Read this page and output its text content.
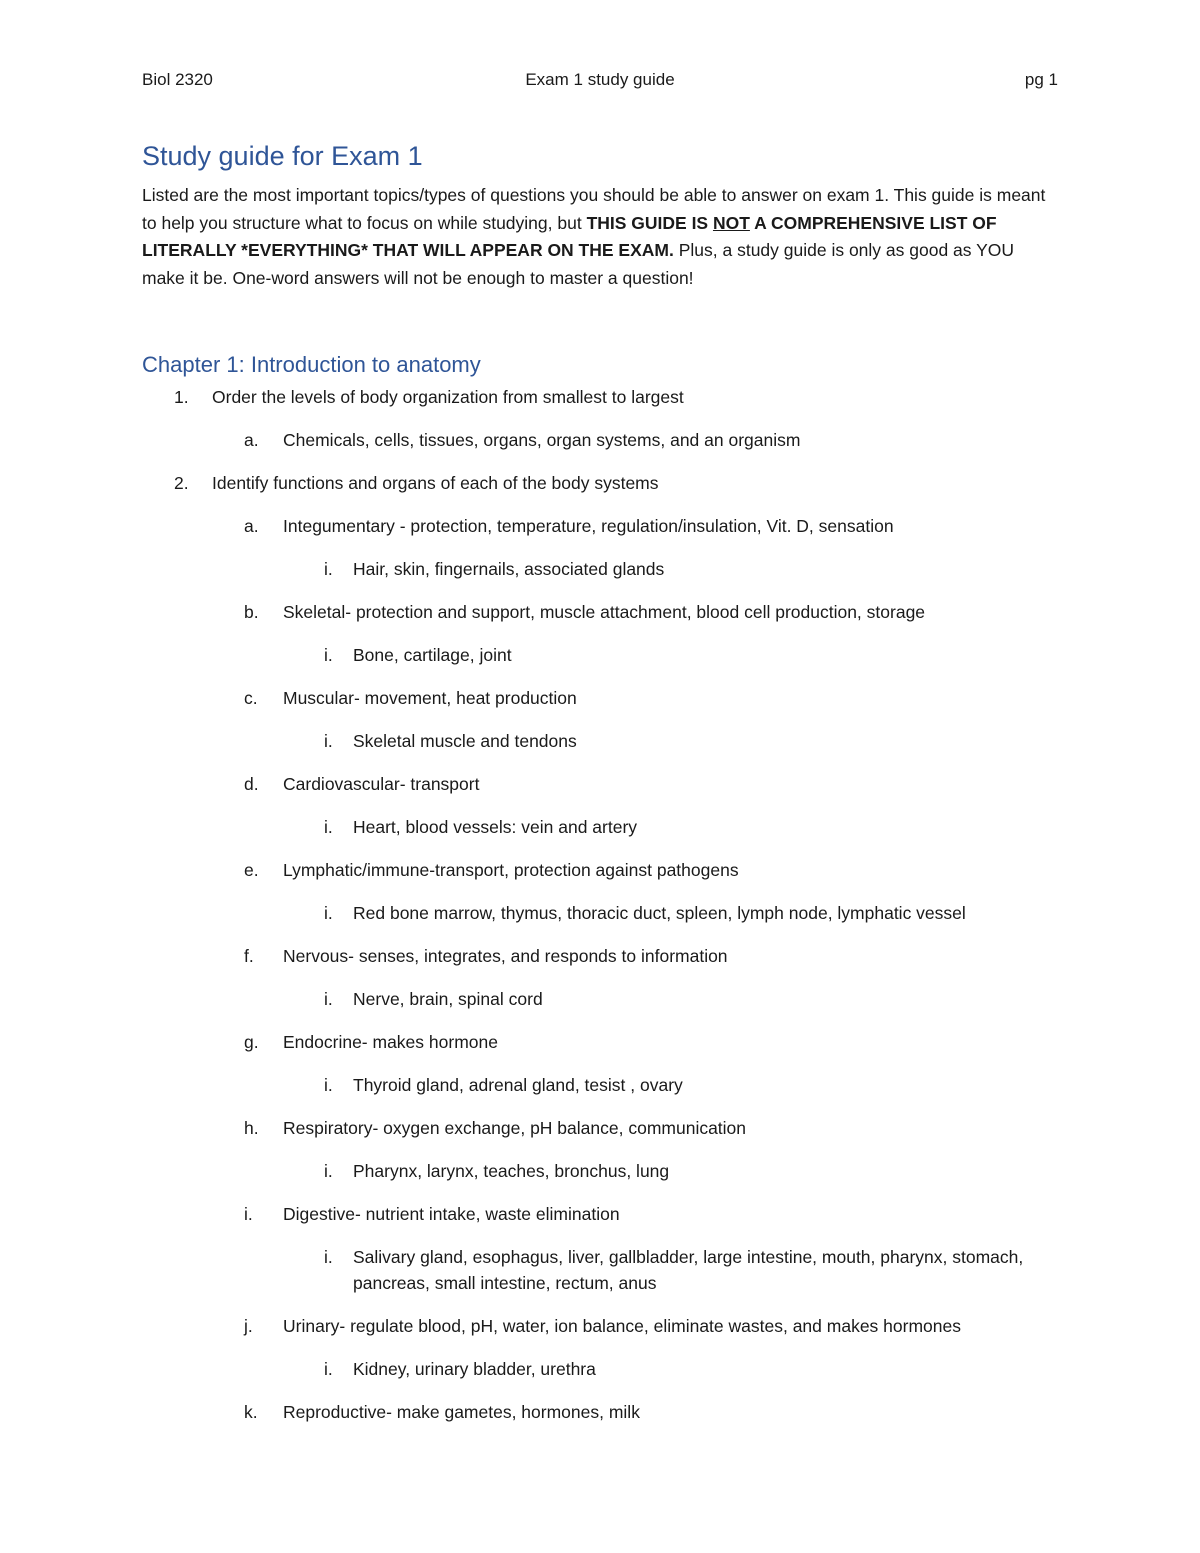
Biol 2320	Exam 1 study guide	pg 1
Study guide for Exam 1

Listed are the most important topics/types of questions you should be able to answer on exam 1. This guide is meant to help you structure what to focus on while studying, but THIS GUIDE IS NOT A COMPREHENSIVE LIST OF LITERALLY *EVERYTHING* THAT WILL APPEAR ON THE EXAM. Plus, a study guide is only as good as YOU make it be. One-word answers will not be enough to master a question!

Chapter 1: Introduction to anatomy
1. Order the levels of body organization from smallest to largest
a. Chemicals, cells, tissues, organs, organ systems, and an organism
2. Identify functions and organs of each of the body systems
a. Integumentary - protection, temperature, regulation/insulation, Vit. D, sensation
i. Hair, skin, fingernails, associated glands
b. Skeletal- protection and support, muscle attachment, blood cell production, storage
i. Bone, cartilage, joint
c. Muscular- movement, heat production
i. Skeletal muscle and tendons
d. Cardiovascular- transport
i. Heart, blood vessels: vein and artery
e. Lymphatic/immune-transport, protection against pathogens
i. Red bone marrow, thymus, thoracic duct, spleen, lymph node, lymphatic vessel
f. Nervous- senses, integrates, and responds to information
i. Nerve, brain, spinal cord
g. Endocrine- makes hormone
i. Thyroid gland, adrenal gland, tesist , ovary
h. Respiratory- oxygen exchange, pH balance, communication
i. Pharynx, larynx, teaches, bronchus, lung
i. Digestive- nutrient intake, waste elimination
i. Salivary gland, esophagus, liver, gallbladder, large intestine, mouth, pharynx, stomach, pancreas, small intestine, rectum, anus
j. Urinary- regulate blood, pH, water, ion balance, eliminate wastes, and makes hormones
i. Kidney, urinary bladder, urethra
k. Reproductive- make gametes, hormones, milk
